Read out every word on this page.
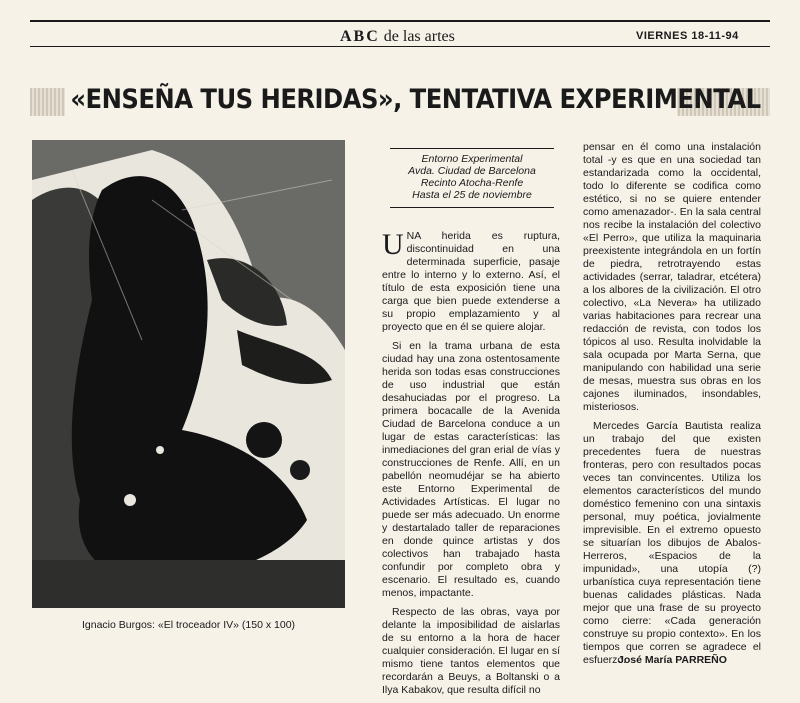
ABC de las artes	VIERNES 18-11-94
«ENSEÑA TUS HERIDAS», TENTATIVA EXPERIMENTAL
Ignacio Burgos: «El troceador IV» (150 x 100)
Entorno Experimental
Avda. Ciudad de Barcelona
Recinto Atocha-Renfe
Hasta el 25 de noviembre

UNA herida es ruptura, discontinuidad en una determinada superficie, pasaje entre lo interno y lo externo. Así, el título de esta exposición tiene una carga que bien puede extenderse a su propio emplazamiento y al proyecto que en él se quiere alojar.

Si en la trama urbana de esta ciudad hay una zona ostentosamente herida son todas esas construcciones de uso industrial que están desahuciadas por el progreso. La primera bocacalle de la Avenida Ciudad de Barcelona conduce a un lugar de estas características: las inmediaciones del gran erial de vías y construcciones de Renfe. Allí, en un pabellón neomudéjar se ha abierto este Entorno Experimental de Actividades Artísticas. El lugar no puede ser más adecuado. Un enorme y destartalado taller de reparaciones en donde quince artistas y dos colectivos han trabajado hasta confundir por completo obra y escenario. El resultado es, cuando menos, impactante.

Respecto de las obras, vaya por delante la imposibilidad de aislarlas de su entorno a la hora de hacer cualquier consideración. El lugar en sí mismo tiene tantos elementos que recordarán a Beuys, a Boltanski o a Ilya Kabakov, que resulta difícil no

pensar en él como una instalación total -y es que en una sociedad tan estandarizada como la occidental, todo lo diferente se codifica como estético, si no se quiere entender como amenazador-. En la sala central nos recibe la instalación del colectivo «El Perro», que utiliza la maquinaria preexistente integrándola en un fortín de piedra, retrotrayendo estas actividades (serrar, taladrar, etcétera) a los albores de la civilización. El otro colectivo, «La Nevera» ha utilizado varias habitaciones para recrear una redacción de revista, con todos los tópicos al uso. Resulta inolvidable la sala ocupada por Marta Serna, que manipulando con habilidad una serie de mesas, muestra sus obras en los cajones iluminados, insondables, misteriosos.

Mercedes García Bautista realiza un trabajo del que existen precedentes fuera de nuestras fronteras, pero con resultados pocas veces tan convincentes. Utiliza los elementos característicos del mundo doméstico femenino con una sintaxis personal, muy poética, jovialmente imprevisible. En el extremo opuesto se situarían los dibujos de Abalos-Herreros, «Espacios de la impunidad», una utopía (?) urbanística cuya representación tiene buenas calidades plásticas. Nada mejor que una frase de su proyecto como cierre: «Cada generación construye su propio contexto». En los tiempos que corren se agradece el esfuerzo.

José María PARREÑO
